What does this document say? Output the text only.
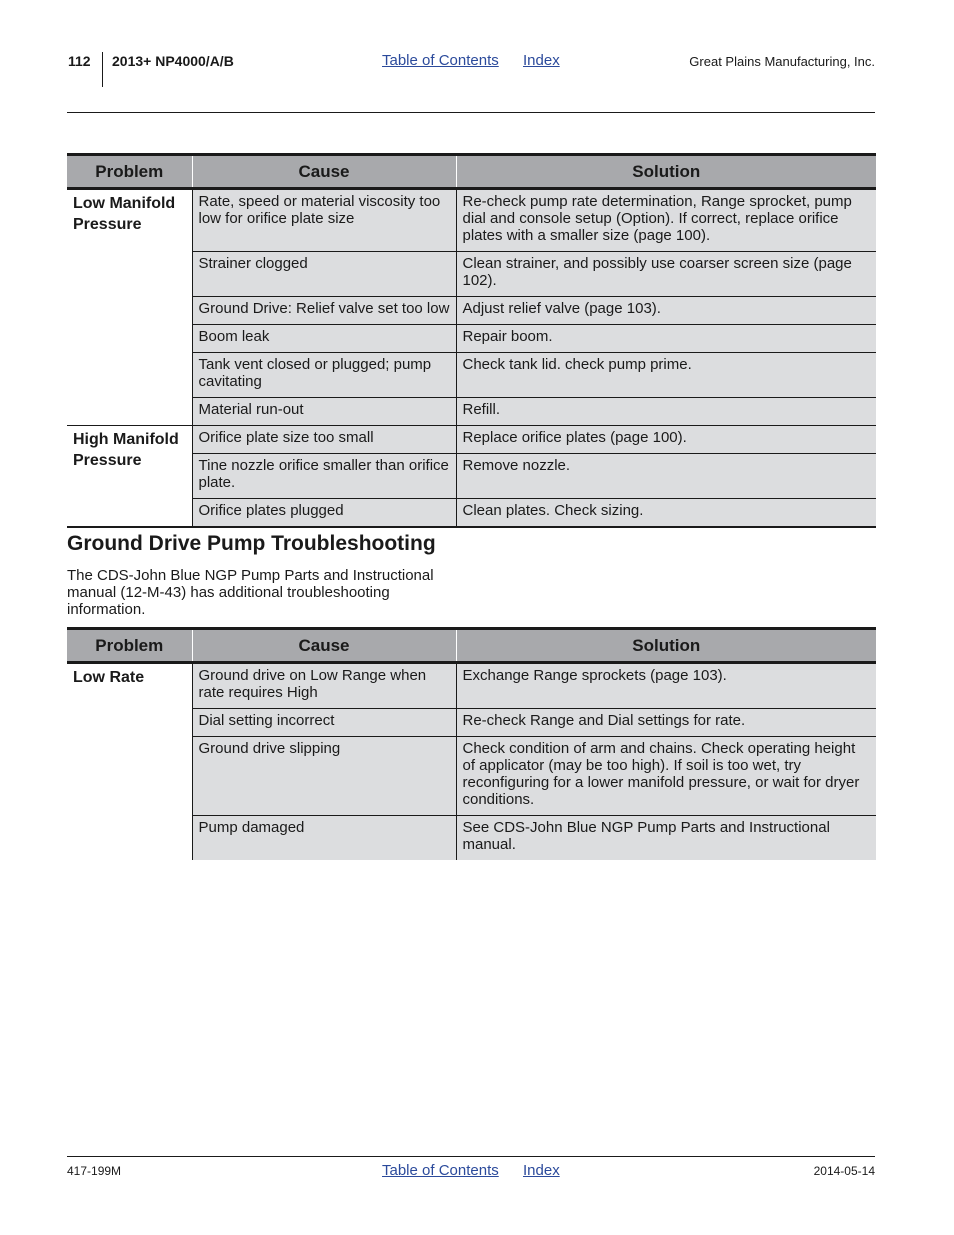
112 2013+ NP4000/A/B	Table of Contents Index	Great Plains Manufacturing, Inc.
Problem	Cause	Solution
Low Manifold Pressure	Rate, speed or material viscosity too low for orifice plate size	Re-check pump rate determination, Range sprocket, pump dial and console setup (Option). If correct, replace orifice plates with a smaller size (page 100).
	Strainer clogged	Clean strainer, and possibly use coarser screen size (page 102).
	Ground Drive: Relief valve set too low	Adjust relief valve (page 103).
	Boom leak	Repair boom.
	Tank vent closed or plugged; pump cavitating	Check tank lid. check pump prime.
	Material run-out	Refill.
High Manifold Pressure	Orifice plate size too small	Replace orifice plates (page 100).
	Tine nozzle orifice smaller than orifice plate.	Remove nozzle.
	Orifice plates plugged	Clean plates. Check sizing.
Ground Drive Pump Troubleshooting
The CDS-John Blue NGP Pump Parts and Instructional manual (12-M-43) has additional troubleshooting information.
Problem	Cause	Solution
Low Rate	Ground drive on Low Range when rate requires High	Exchange Range sprockets (page 103).
	Dial setting incorrect	Re-check Range and Dial settings for rate.
	Ground drive slipping	Check condition of arm and chains. Check operating height of applicator (may be too high). If soil is too wet, try reconfiguring for a lower manifold pressure, or wait for dryer conditions.
	Pump damaged	See CDS-John Blue NGP Pump Parts and Instructional manual.
417-199M	Table of Contents Index	2014-05-14
